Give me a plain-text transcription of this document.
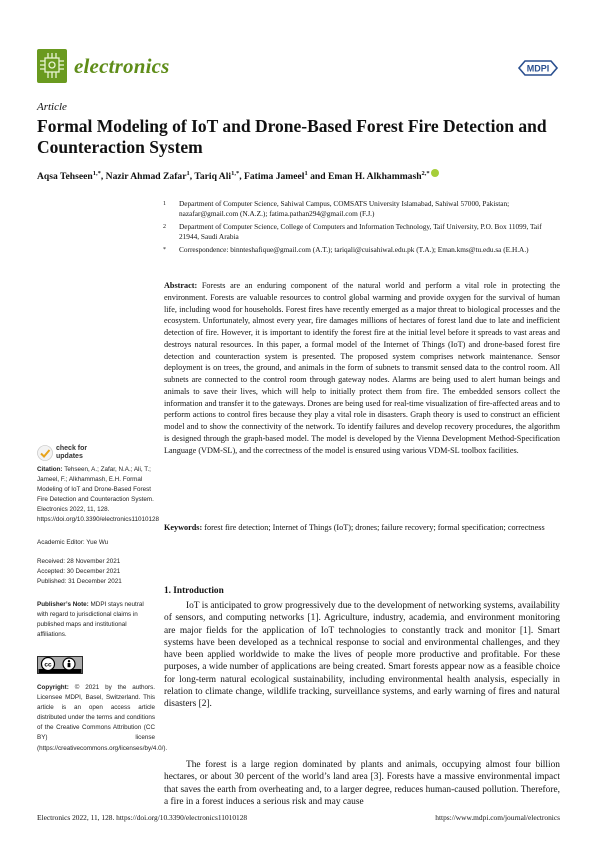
electronics	MDPI
Article
Formal Modeling of IoT and Drone-Based Forest Fire Detection and Counteraction System
Aqsa Tehseen$^{1,*}$, Nazir Ahmad Zafar$^1$, Tariq Ali$^{1,*}$, Fatima Jameel$^1$ and Eman H. Alkhammash$^{2,*}$
1 Department of Computer Science, Sahiwal Campus, COMSATS University Islamabad, Sahiwal 57000, Pakistan; nazafar@gmail.com (N.A.Z.); fatima.pathan294@gmail.com (F.J.)
2 Department of Computer Science, College of Computers and Information Technology, Taif University, P.O. Box 11099, Taif 21944, Saudi Arabia
* Correspondence: binnteshafique@gmail.com (A.T.); tariqali@cuisahiwal.edu.pk (T.A.); Eman.kms@tu.edu.sa (E.H.A.)
Abstract: Forests are an enduring component of the natural world and perform a vital role in protecting the environment. Forests are valuable resources to control global warming and provide oxygen for the survival of human life, including wood for households. Forest fires have recently emerged as a major threat to biological processes and the ecosystem. Unfortunately, almost every year, fire damages millions of hectares of forest land due to late and inefficient detection of fire. However, it is important to identify the forest fire at the initial level before it spreads to vast areas and destroys natural resources. In this paper, a formal model of the Internet of Things (IoT) and drone-based forest fire detection and counteraction system is presented. The proposed system comprises network maintenance. Sensor deployment is on trees, the ground, and animals in the form of subnets to transmit sensed data to the control room. All subnets are connected to the control room through gateway nodes. Alarms are being used to alert human beings and animals to save their lives, which will help to initially protect them from fire. The embedded sensors collect the information and transfer it to the gateways. Drones are being used for real-time visualization of fire-affected areas and to perform actions to control fires because they play a vital role in disasters. Graph theory is used to construct an efficient model and to show the connectivity of the network. To identify failures and develop recovery procedures, the algorithm is designed through the graph-based model. The model is developed by the Vienna Development Method-Specification Language (VDM-SL), and the correctness of the model is ensured using various VDM-SL toolbox facilities.
Keywords: forest fire detection; Internet of Things (IoT); drones; failure recovery; formal specification; correctness
check for updates
Citation: Tehseen, A.; Zafar, N.A.; Ali, T.; Jameel, F.; Alkhammash, E.H. Formal Modeling of IoT and Drone-Based Forest Fire Detection and Counteraction System. Electronics 2022, 11, 128. https://doi.org/10.3390/electronics11010128
Academic Editor: Yue Wu
Received: 28 November 2021
Accepted: 30 December 2021
Published: 31 December 2021
Publisher’s Note: MDPI stays neutral with regard to jurisdictional claims in published maps and institutional affiliations.
cc
Copyright: © 2021 by the authors. Licensee MDPI, Basel, Switzerland. This article is an open access article distributed under the terms and conditions of the Creative Commons Attribution (CC BY) license (https://creativecommons.org/licenses/by/4.0/).
1. Introduction
IoT is anticipated to grow progressively due to the development of networking systems, availability of sensors, and computing networks [1]. Agriculture, industry, academia, and environment monitoring are major fields for the application of IoT technologies to constantly track and monitor [1]. Smart systems have been developed as a technical response to social and environmental challenges, and they have been applied worldwide to make the lives of people more productive and profitable. For these purposes, a wide number of applications are being created. Smart forests appear now as a feasible choice for long-term natural ecological sustainability, including environmental health analysis, especially in relation to climate change, wildlife tracking, surveillance systems, and early warning of fires and natural disasters [2].
The forest is a large region dominated by plants and animals, occupying almost four billion hectares, or about 30 percent of the world’s land area [3]. Forests have a massive environmental impact that saves the earth from overheating and, to a larger degree, reduces human-caused pollution. Therefore, a fire in a forest induces a serious risk and may cause
Electronics 2022, 11, 128. https://doi.org/10.3390/electronics11010128	https://www.mdpi.com/journal/electronics
